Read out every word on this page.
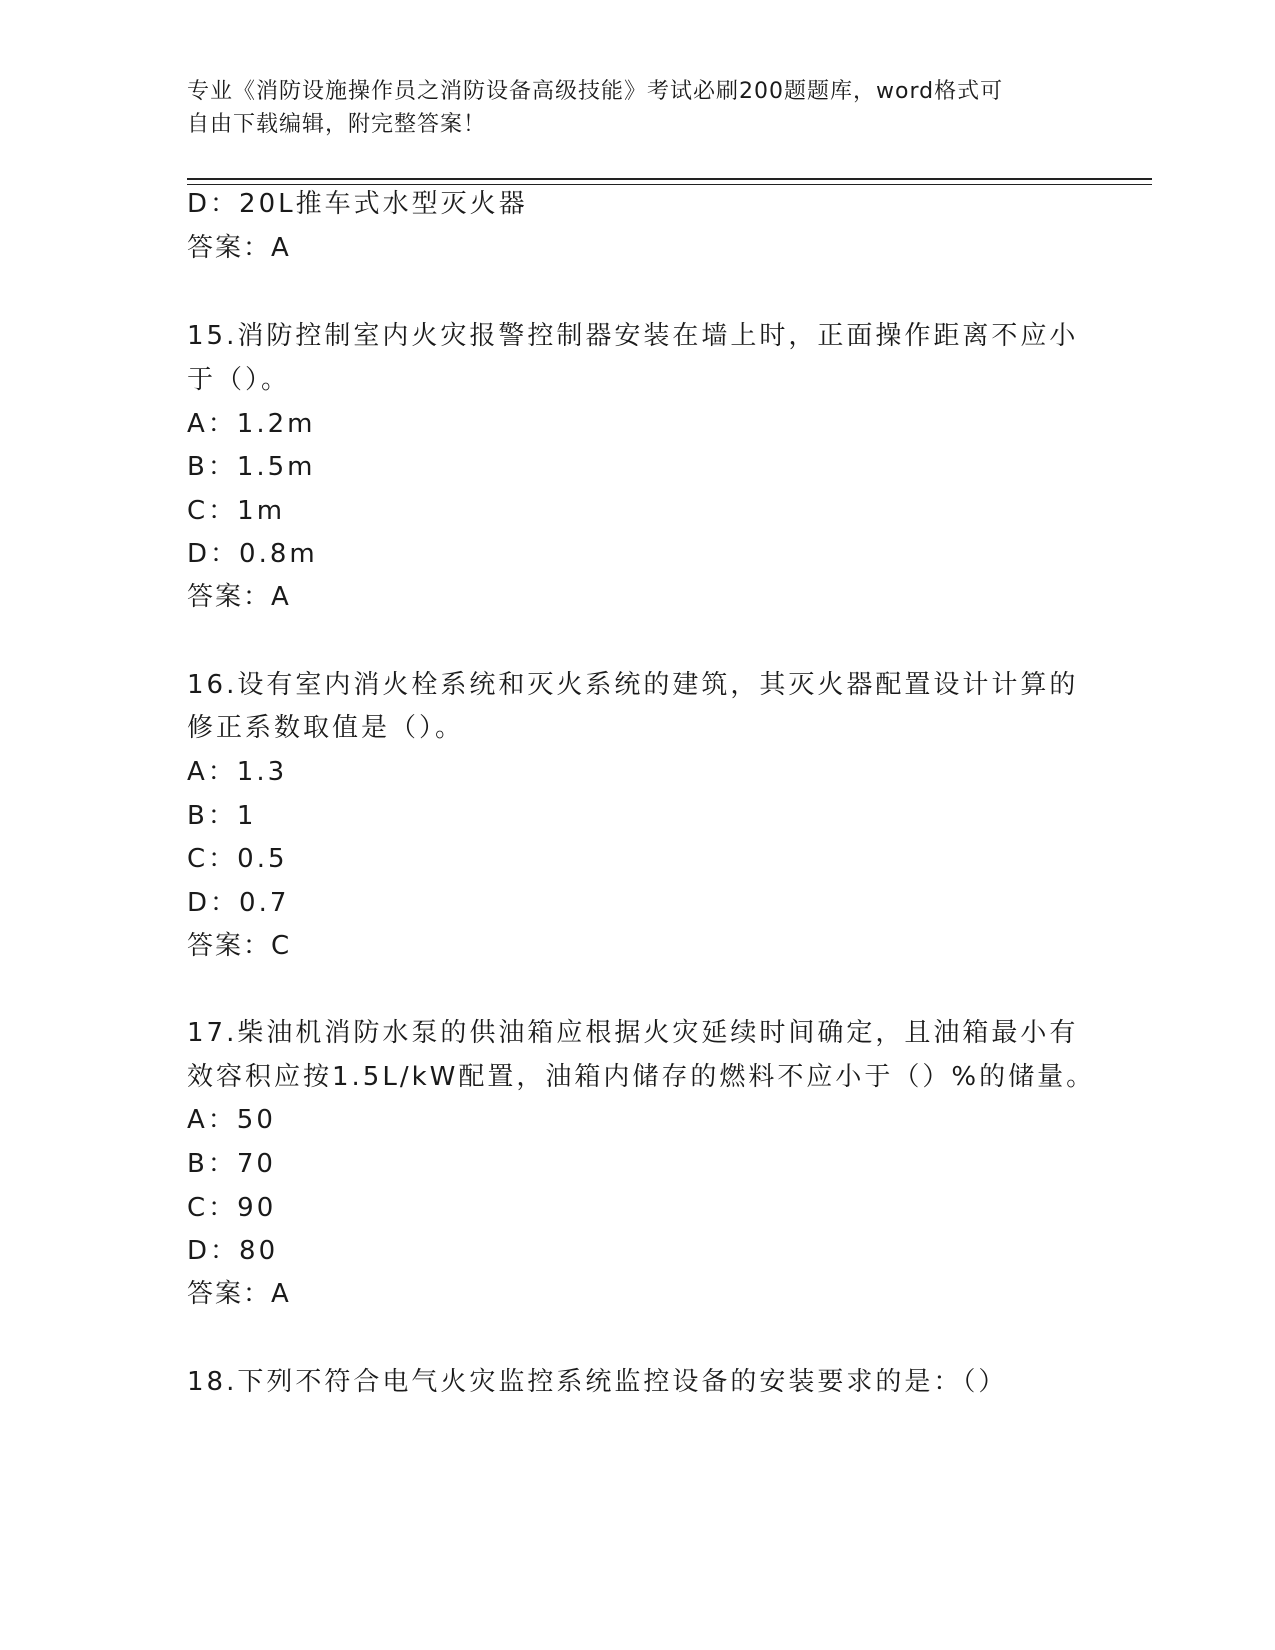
专业《消防设施操作员之消防设备高级技能》考试必刷200题题库，word格式可
自由下载编辑，附完整答案！
D：20L推车式水型灭火器
答案：A
15.消防控制室内火灾报警控制器安装在墙上时，正面操作距离不应小
于（）。
A：1.2m
B：1.5m
C：1m
D：0.8m
答案：A
16.设有室内消火栓系统和灭火系统的建筑，其灭火器配置设计计算的
修正系数取值是（）。
A：1.3
B：1
C：0.5
D：0.7
答案：C
17.柴油机消防水泵的供油箱应根据火灾延续时间确定，且油箱最小有
效容积应按1.5L/kW配置，油箱内储存的燃料不应小于（）%的储量。
A：50
B：70
C：90
D：80
答案：A
18.下列不符合电气火灾监控系统监控设备的安装要求的是：（）
